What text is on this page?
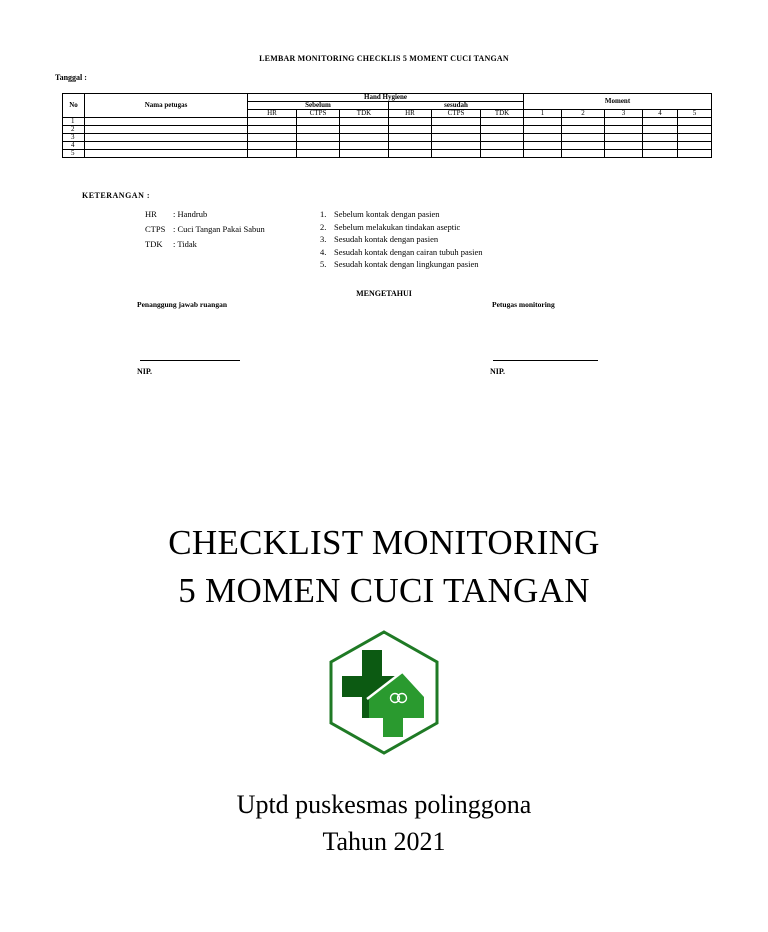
LEMBAR MONITORING CHECKLIS 5 MOMENT CUCI TANGAN
Tanggal :
No	Nama petugas	Hand Hygiene						Moment				
		Sebelum			sesudah							
		HR	CTPS	TDK	HR	CTPS	TDK	1	2	3	4	5
1												
2												
3												
4												
5												
KETERANGAN :
HR : Handrub
CTPS : Cuci Tangan Pakai Sabun
TDK : Tidak
1. Sebelum kontak dengan pasien
2. Sebelum melakukan tindakan aseptic
3. Sesudah kontak dengan pasien
4. Sesudah kontak dengan cairan tubuh pasien
5. Sesudah kontak dengan lingkungan pasien
MENGETAHUI
Penanggung jawab ruangan	Petugas monitoring
NIP.	NIP.
CHECKLIST MONITORING
5 MOMEN CUCI TANGAN
Uptd puskesmas polinggona
Tahun 2021
